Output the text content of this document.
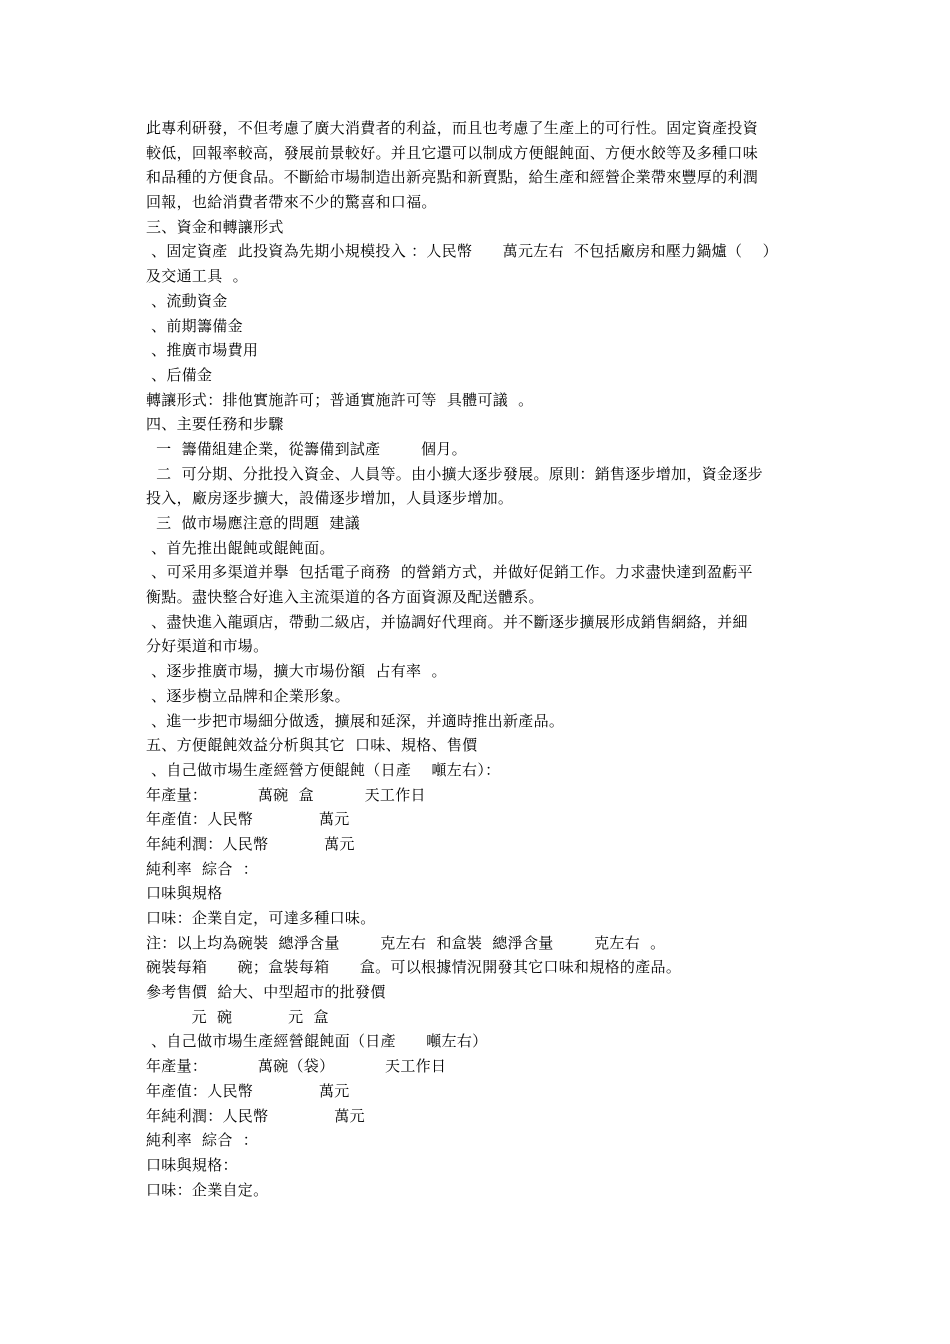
此專利研發，不但考慮了廣大消費者的利益，而且也考慮了生產上的可行性。固定資產投資
較低，回報率較高，發展前景較好。并且它還可以制成方便餛飩面、方便水餃等及多種口味
和品種的方便食品。不斷給市場制造出新亮點和新賣點，給生產和經營企業帶來豐厚的利潤
回報，也給消費者帶來不少的驚喜和口福。
三、資金和轉讓形式
、固定資產  此投資為先期小規模投入 ：人民幣      萬元左右  不包括廠房和壓力鍋爐（    ）
及交通工具  。
、流動資金
、前期籌備金
、推廣市場費用
、后備金
轉讓形式：排他實施許可；普通實施許可等  具體可議  。
四、主要任務和步驟
一  籌備組建企業，從籌備到試產        個月。
二  可分期、分批投入資金、人員等。由小擴大逐步發展。原則：銷售逐步增加，資金逐步
投入，廠房逐步擴大，設備逐步增加，人員逐步增加。
三  做市場應注意的問題  建議
、首先推出餛飩或餛飩面。
、可采用多渠道并擧  包括電子商務  的營銷方式，并做好促銷工作。力求盡快達到盈虧平
衡點。盡快整合好進入主流渠道的各方面資源及配送體系。
、盡快進入龍頭店，帶動二級店，并協調好代理商。并不斷逐步擴展形成銷售網絡，并細
分好渠道和市場。
、逐步推廣市場，擴大市場份額  占有率  。
、逐步樹立品牌和企業形象。
、進一步把市場細分做透，擴展和延深，并適時推出新產品。
五、方便餛飩效益分析與其它  口味、規格、售價
、自己做市場生產經營方便餛飩（日產    噸左右）：
年產量：          萬碗  盒          天工作日
年產值：人民幣             萬元
年純利潤：人民幣           萬元
純利率  綜合  ：
口味與規格
口味：企業自定，可達多種口味。
注：以上均為碗裝  總淨含量        克左右  和盒裝  總淨含量        克左右  。
碗裝每箱      碗；盒裝每箱      盒。可以根據情況開發其它口味和規格的產品。
參考售價  給大、中型超市的批發價
元  碗           元  盒
、自己做市場生產經營餛飩面（日產      噸左右）
年產量：          萬碗（袋）          天工作日
年產值：人民幣             萬元
年純利潤：人民幣             萬元
純利率  綜合  ：
口味與規格：
口味：企業自定。
